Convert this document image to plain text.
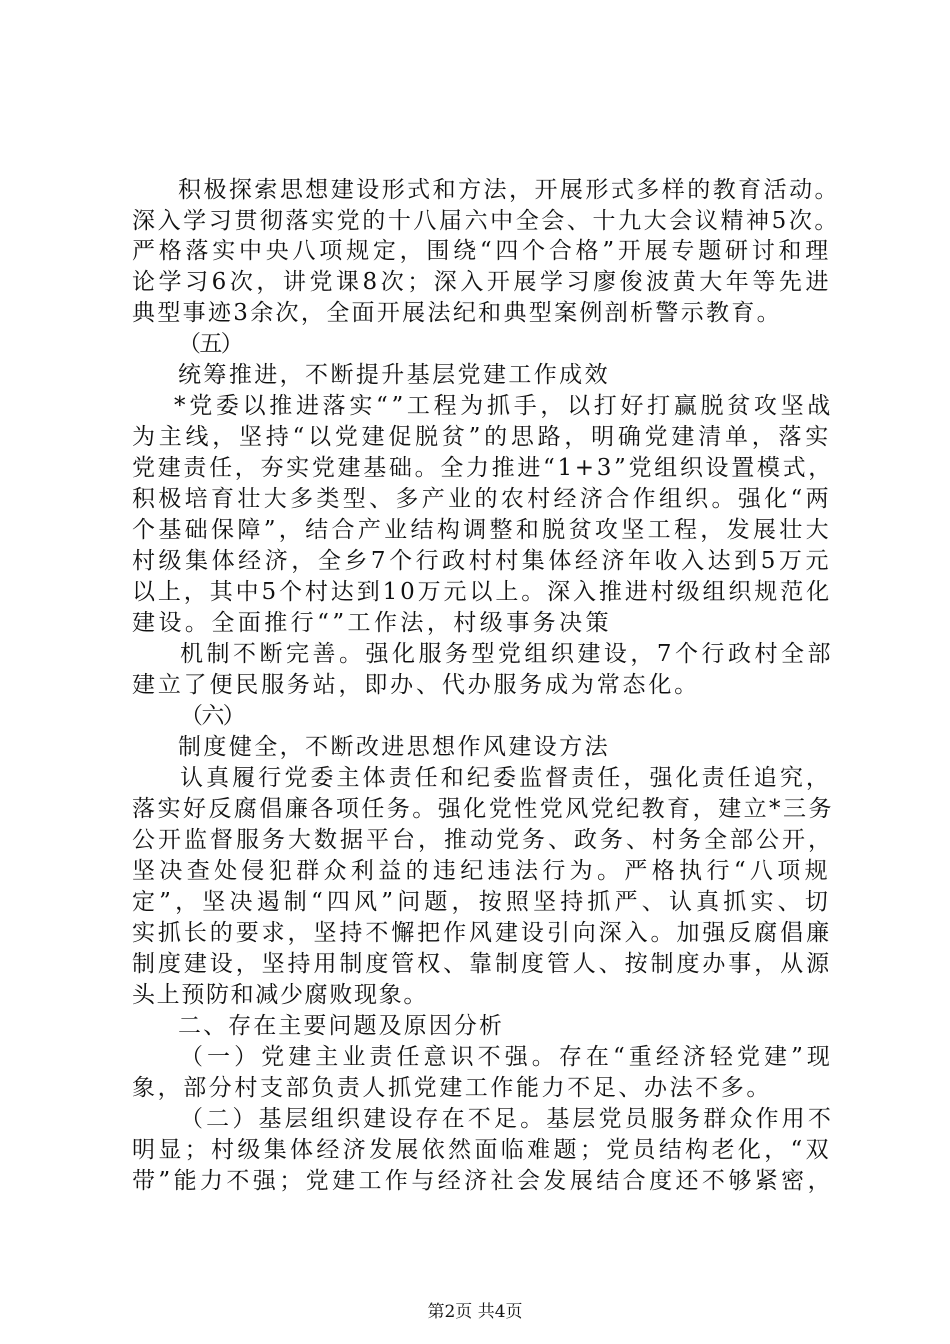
积极探索思想建设形式和方法，开展形式多样的教育活动。
深入学习贯彻落实党的十八届六中全会、十九大会议精神5次。
严格落实中央八项规定，围绕“四个合格”开展专题研讨和理
论学习6次，讲党课8次；深入开展学习廖俊波黄大年等先进
典型事迹3余次，全面开展法纪和典型案例剖析警示教育。
（五）
统筹推进，不断提升基层党建工作成效
*党委以推进落实“”工程为抓手，以打好打赢脱贫攻坚战
为主线，坚持“以党建促脱贫”的思路，明确党建清单，落实
党建责任，夯实党建基础。全力推进“1+3”党组织设置模式，
积极培育壮大多类型、多产业的农村经济合作组织。强化“两
个基础保障”，结合产业结构调整和脱贫攻坚工程，发展壮大
村级集体经济，全乡7个行政村村集体经济年收入达到5万元
以上，其中5个村达到10万元以上。深入推进村级组织规范化
建设。全面推行“”工作法，村级事务决策
机制不断完善。强化服务型党组织建设，7个行政村全部
建立了便民服务站，即办、代办服务成为常态化。
（六）
制度健全，不断改进思想作风建设方法
认真履行党委主体责任和纪委监督责任，强化责任追究，
落实好反腐倡廉各项任务。强化党性党风党纪教育，建立*三务
公开监督服务大数据平台，推动党务、政务、村务全部公开，
坚决查处侵犯群众利益的违纪违法行为。严格执行“八项规
定”，坚决遏制“四风”问题，按照坚持抓严、认真抓实、切
实抓长的要求，坚持不懈把作风建设引向深入。加强反腐倡廉
制度建设，坚持用制度管权、靠制度管人、按制度办事，从源
头上预防和减少腐败现象。
二、存在主要问题及原因分析
（一）党建主业责任意识不强。存在“重经济轻党建”现
象，部分村支部负责人抓党建工作能力不足、办法不多。
（二）基层组织建设存在不足。基层党员服务群众作用不
明显；村级集体经济发展依然面临难题；党员结构老化，“双
带”能力不强；党建工作与经济社会发展结合度还不够紧密，
第2页 共4页
